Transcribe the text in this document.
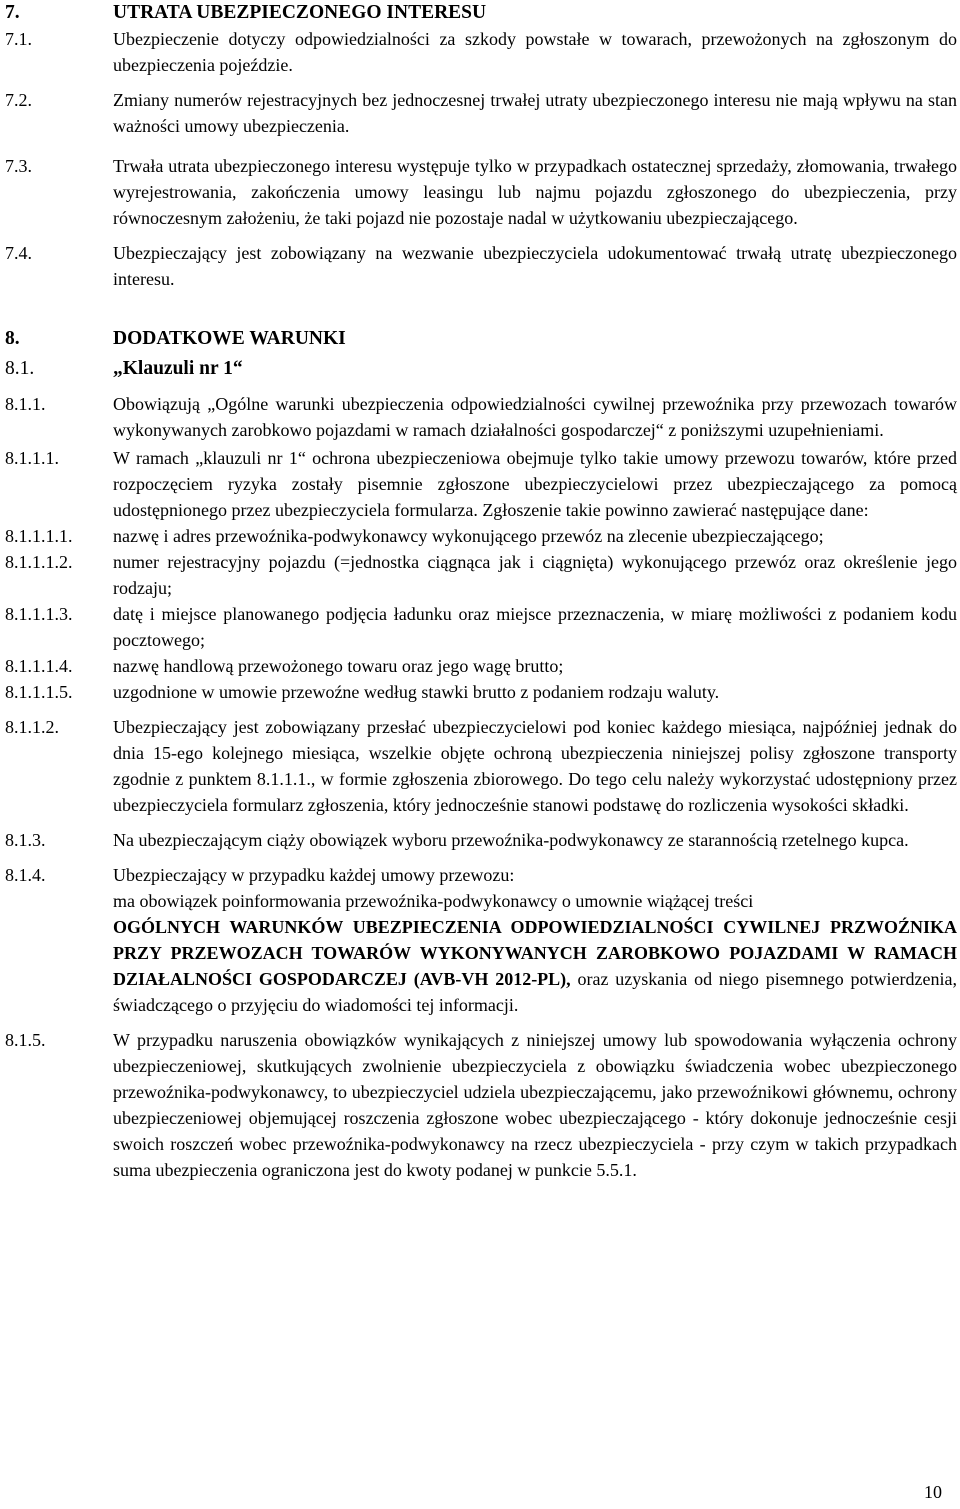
7.	UTRATA UBEZPIECZONEGO INTERESU
7.1.	Ubezpieczenie dotyczy odpowiedzialności za szkody powstałe w towarach, przewożonych na zgłoszonym do ubezpieczenia pojeździe.
7.2.	Zmiany numerów rejestracyjnych bez jednoczesnej trwałej utraty ubezpieczonego interesu nie mają wpływu na stan ważności umowy ubezpieczenia.
7.3.	Trwała utrata ubezpieczonego interesu występuje tylko w przypadkach ostatecznej sprzedaży, złomowania, trwałego wyrejestrowania, zakończenia umowy leasingu lub najmu pojazdu zgłoszonego do ubezpieczenia, przy równoczesnym założeniu, że taki pojazd nie pozostaje nadal w użytkowaniu ubezpieczającego.
7.4.	Ubezpieczający jest zobowiązany na wezwanie ubezpieczyciela udokumentować trwałą utratę ubezpieczonego interesu.
8.	DODATKOWE WARUNKI
8.1.	„Klauzuli nr 1“
8.1.1.	Obowiązują „Ogólne warunki ubezpieczenia odpowiedzialności cywilnej przewoźnika przy przewozach towarów wykonywanych zarobkowo pojazdami w ramach działalności gospodarczej“ z poniższymi uzupełnieniami.
8.1.1.1.	W ramach „klauzuli nr 1“ ochrona ubezpieczeniowa obejmuje tylko takie umowy przewozu towarów, które przed rozpoczęciem ryzyka zostały pisemnie zgłoszone ubezpieczycielowi przez ubezpieczającego za pomocą udostępnionego przez ubezpieczyciela formularza. Zgłoszenie takie powinno zawierać następujące dane:
8.1.1.1.1.	nazwę i adres przewoźnika-podwykonawcy wykonującego przewóz na zlecenie ubezpieczającego;
8.1.1.1.2.	numer rejestracyjny pojazdu (=jednostka ciągnąca jak i ciągnięta) wykonującego przewóz oraz określenie jego rodzaju;
8.1.1.1.3.	datę i miejsce planowanego podjęcia ładunku oraz miejsce przeznaczenia, w miarę możliwości z podaniem kodu pocztowego;
8.1.1.1.4.	nazwę handlową przewożonego towaru oraz jego wagę brutto;
8.1.1.1.5.	uzgodnione w umowie przewoźne według stawki brutto z podaniem rodzaju waluty.
8.1.1.2.	Ubezpieczający jest zobowiązany przesłać ubezpieczycielowi pod koniec każdego miesiąca, najpóźniej jednak do dnia 15-ego kolejnego miesiąca, wszelkie objęte ochroną ubezpieczenia niniejszej polisy zgłoszone transporty zgodnie z punktem 8.1.1.1., w formie zgłoszenia zbiorowego. Do tego celu należy wykorzystać udostępniony przez ubezpieczyciela formularz zgłoszenia, który jednocześnie stanowi podstawę do rozliczenia wysokości składki.
8.1.3.	Na ubezpieczającym ciąży obowiązek wyboru przewoźnika-podwykonawcy ze starannością rzetelnego kupca.
8.1.4.	Ubezpieczający w przypadku każdej umowy przewozu:
ma obowiązek poinformowania przewoźnika-podwykonawcy o umownie wiążącej treści
OGÓLNYCH WARUNKÓW UBEZPIECZENIA ODPOWIEDZIALNOŚCI CYWILNEJ PRZWOŹNIKA PRZY PRZEWOZACH TOWARÓW WYKONYWANYCH ZAROBKOWO POJAZDAMI W RAMACH DZIAŁALNOŚCI GOSPODARCZEJ (AVB-VH 2012-PL), oraz uzyskania od niego pisemnego potwierdzenia, świadczącego o przyjęciu do wiadomości tej informacji.
8.1.5.	W przypadku naruszenia obowiązków wynikających z niniejszej umowy lub spowodowania wyłączenia ochrony ubezpieczeniowej, skutkujących zwolnienie ubezpieczyciela z obowiązku świadczenia wobec ubezpieczonego przewoźnika-podwykonawcy, to ubezpieczyciel udziela ubezpieczającemu, jako przewoźnikowi głównemu, ochrony ubezpieczeniowej objemującej roszczenia zgłoszone wobec ubezpieczającego - który dokonuje jednocześnie cesji swoich roszczeń wobec przewoźnika-podwykonawcy na rzecz ubezpieczyciela - przy czym w takich przypadkach suma ubezpieczenia ograniczona jest do kwoty podanej w punkcie 5.5.1.
10
